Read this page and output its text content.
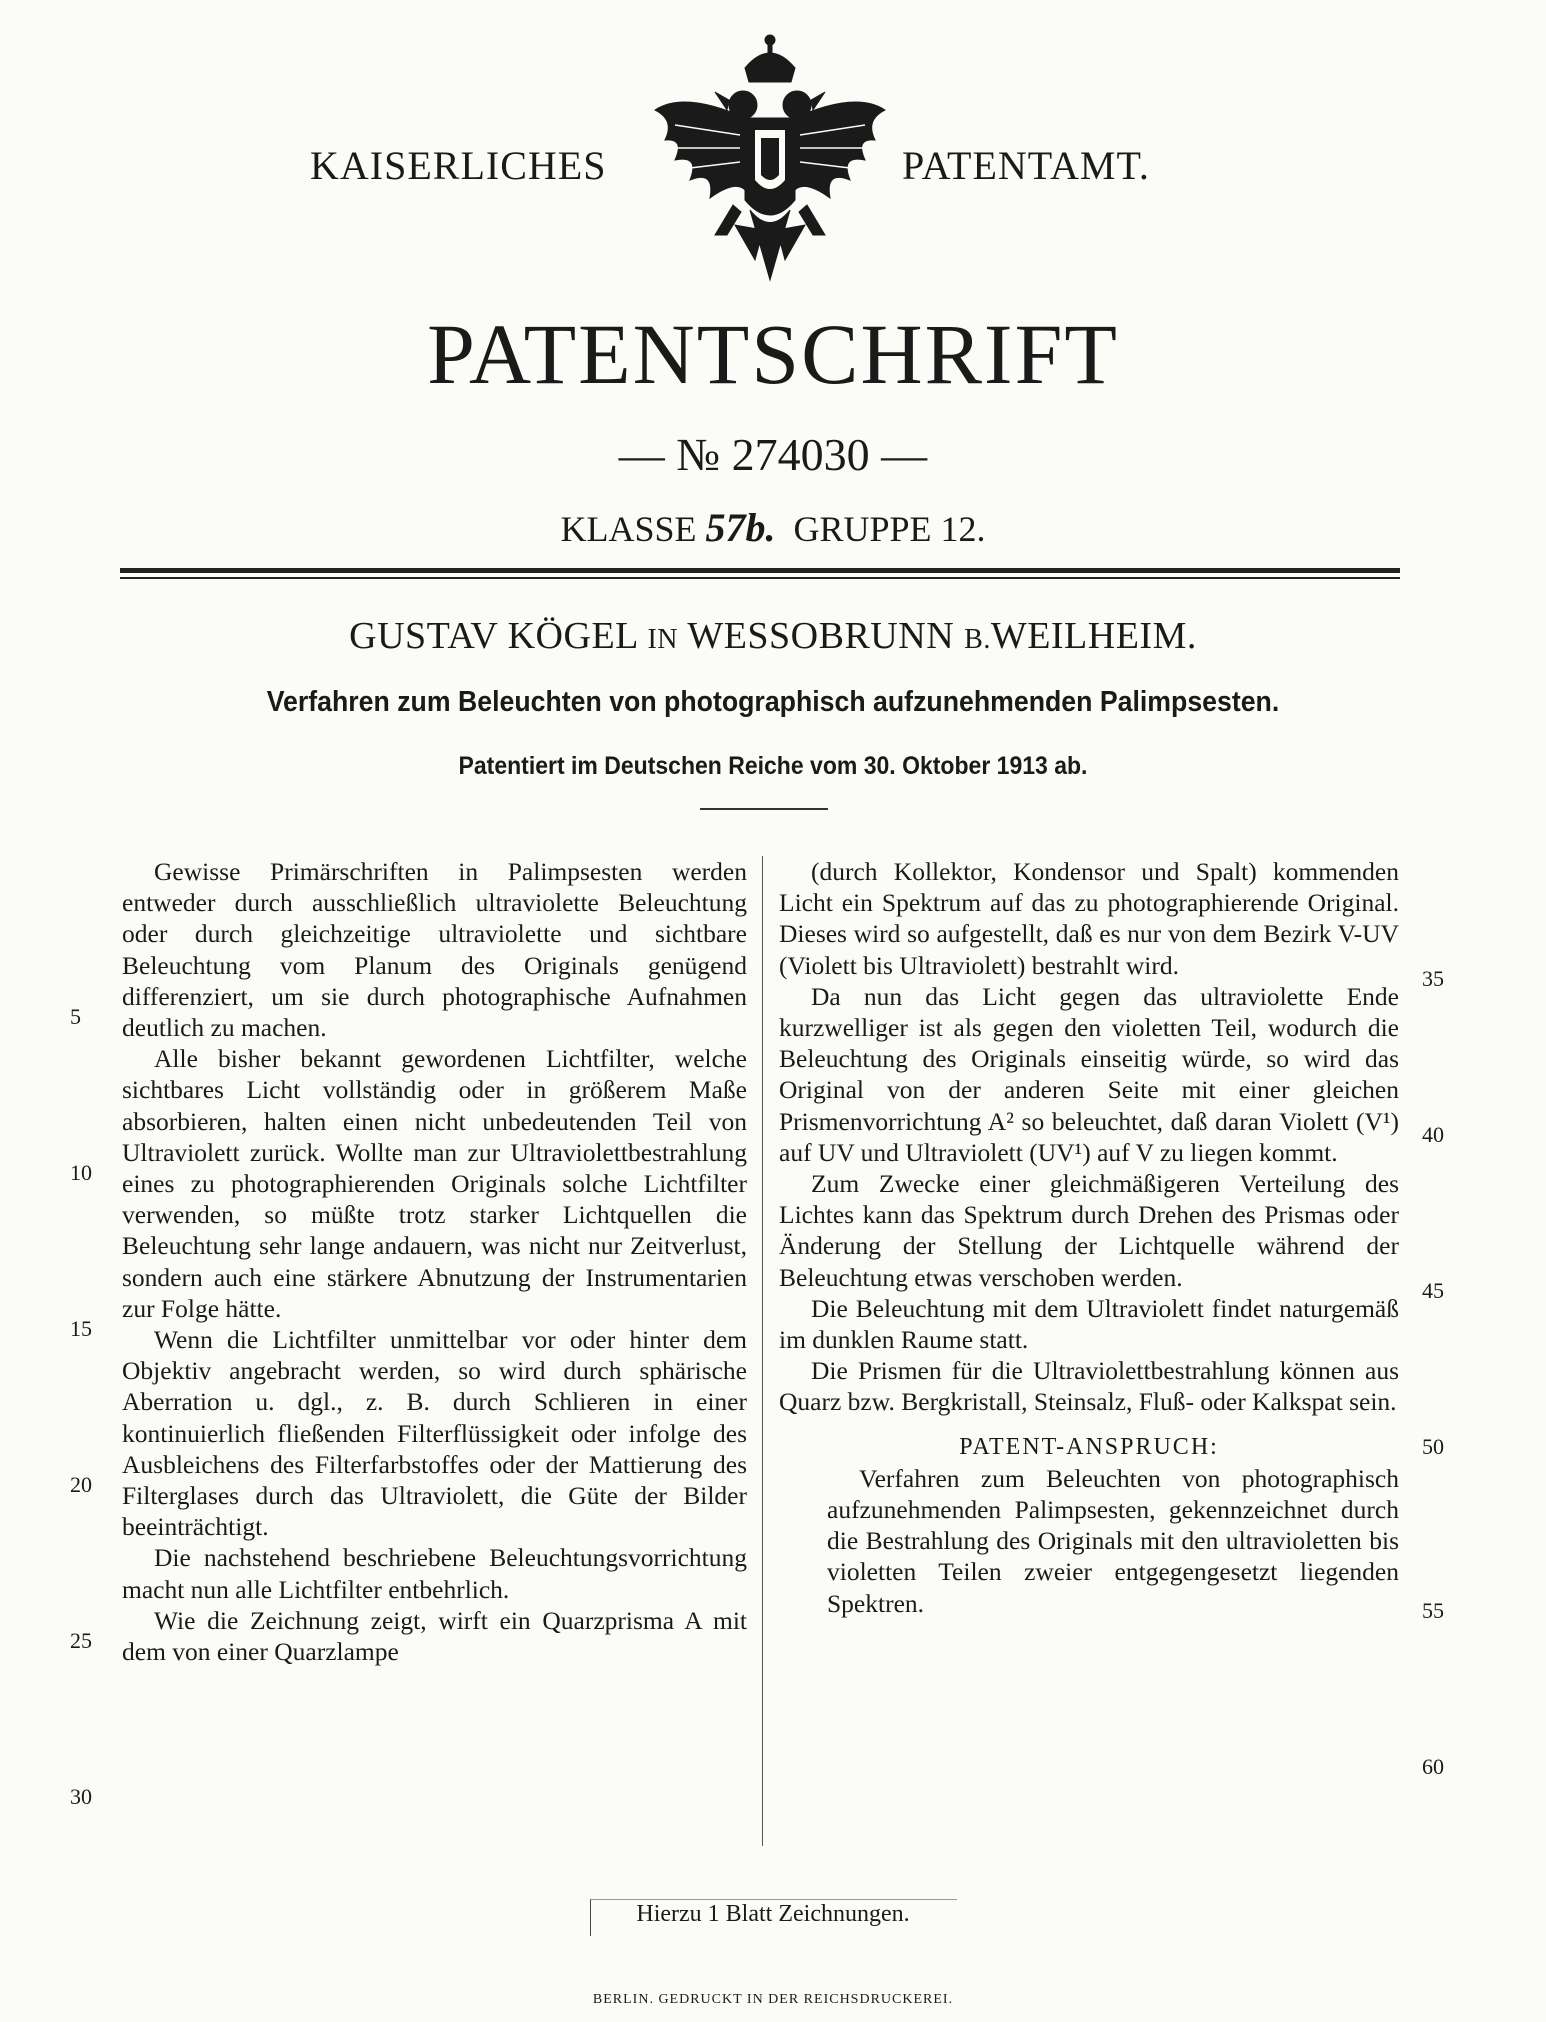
KAISERLICHES	PATENTAMT.
PATENTSCHRIFT
— № 274030 —
KLASSE 57b. GRUPPE 12.
GUSTAV KÖGEL IN WESSOBRUNN B.WEILHEIM.
Verfahren zum Beleuchten von photographisch aufzunehmenden Palimpsesten.
Patentiert im Deutschen Reiche vom 30. Oktober 1913 ab.

Gewisse Primärschriften in Palimpsesten werden entweder durch ausschließlich ultraviolette Beleuchtung oder durch gleichzeitige ultraviolette und sichtbare Beleuchtung vom Planum des Originals genügend differenziert, um sie durch photographische Aufnahmen deutlich zu machen.

Alle bisher bekannt gewordenen Lichtfilter, welche sichtbares Licht vollständig oder in größerem Maße absorbieren, halten einen nicht unbedeutenden Teil von Ultraviolett zurück. Wollte man zur Ultraviolettbestrahlung eines zu photographierenden Originals solche Lichtfilter verwenden, so müßte trotz starker Lichtquellen die Beleuchtung sehr lange andauern, was nicht nur Zeitverlust, sondern auch eine stärkere Abnutzung der Instrumentarien zur Folge hätte.

Wenn die Lichtfilter unmittelbar vor oder hinter dem Objektiv angebracht werden, so wird durch sphärische Aberration u. dgl., z. B. durch Schlieren in einer kontinuierlich fließenden Filterflüssigkeit oder infolge des Ausbleichens des Filterfarbstoffes oder der Mattierung des Filterglases durch das Ultraviolett, die Güte der Bilder beeinträchtigt.

Die nachstehend beschriebene Beleuchtungsvorrichtung macht nun alle Lichtfilter entbehrlich.

Wie die Zeichnung zeigt, wirft ein Quarzprisma A mit dem von einer Quarzlampe

(durch Kollektor, Kondensor und Spalt) kommenden Licht ein Spektrum auf das zu photographierende Original. Dieses wird so aufgestellt, daß es nur von dem Bezirk V-UV (Violett bis Ultraviolett) bestrahlt wird.

Da nun das Licht gegen das ultraviolette Ende kurzwelliger ist als gegen den violetten Teil, wodurch die Beleuchtung des Originals einseitig würde, so wird das Original von der anderen Seite mit einer gleichen Prismenvorrichtung A² so beleuchtet, daß daran Violett (V¹) auf UV und Ultraviolett (UV¹) auf V zu liegen kommt.

Zum Zwecke einer gleichmäßigeren Verteilung des Lichtes kann das Spektrum durch Drehen des Prismas oder Änderung der Stellung der Lichtquelle während der Beleuchtung etwas verschoben werden.

Die Beleuchtung mit dem Ultraviolett findet naturgemäß im dunklen Raume statt.

Die Prismen für die Ultraviolettbestrahlung können aus Quarz bzw. Bergkristall, Steinsalz, Fluß- oder Kalkspat sein.

PATENT-ANSPRUCH:

Verfahren zum Beleuchten von photographisch aufzunehmenden Palimpsesten, gekennzeichnet durch die Bestrahlung des Originals mit den ultravioletten bis violetten Teilen zweier entgegengesetzt liegenden Spektren.

5
10
15
20
25
30
35
40
45
50
55
60
Hierzu 1 Blatt Zeichnungen.
BERLIN. GEDRUCKT IN DER REICHSDRUCKEREI.
